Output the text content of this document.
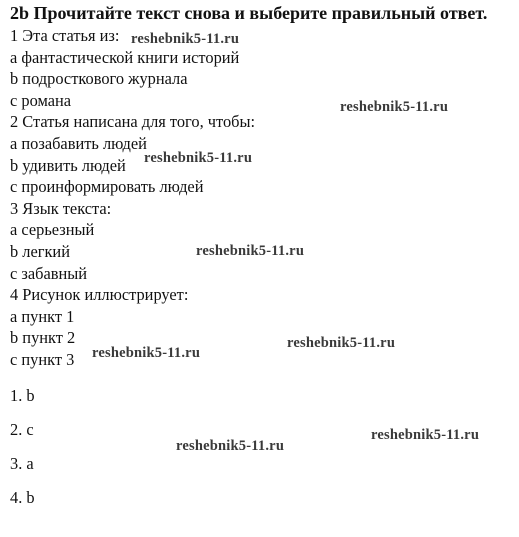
2b Прочитайте текст снова и выберите правильный ответ.
1 Эта статья из:
a фантастической книги историй
b подросткового журнала
c романа
2 Статья написана для того, чтобы:
a позабавить людей
b удивить людей
c проинформировать людей
3 Язык текста:
a серьезный
b легкий
c забавный
4 Рисунок иллюстрирует:
a пункт 1
b пункт 2
c пункт 3
1. b
2. c
3. a
4. b
reshebnik5-11.ru
reshebnik5-11.ru
reshebnik5-11.ru
reshebnik5-11.ru
reshebnik5-11.ru
reshebnik5-11.ru
reshebnik5-11.ru
reshebnik5-11.ru
